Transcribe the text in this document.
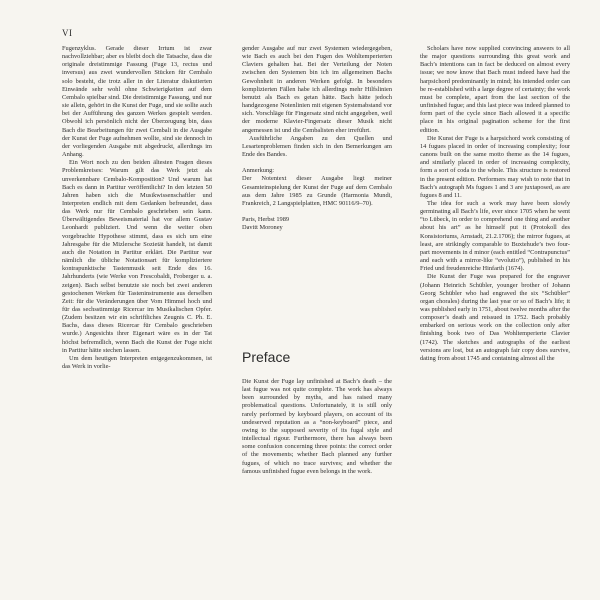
VI

Fugenzyklus. Gerade dieser Irrtum ist zwar nachvollziehbar; aber es bleibt doch die Tatsache, dass die originale dreistimmige Fassung (Fuge 13, rectus und inversus) aus zwei wundervollen Stücken für Cembalo solo besteht, die trotz aller in der Literatur diskutierten Einwände sehr wohl ohne Schwierigkeiten auf dem Cembalo spielbar sind. Die dreistimmige Fassung, und nur sie allein, gehört in die Kunst der Fuge, und sie sollte auch bei der Aufführung des ganzen Werkes gespielt werden. Obwohl ich persönlich nicht der Überzeugung bin, dass Bach die Bearbeitungen für zwei Cembali in die Ausgabe der Kunst der Fuge aufnehmen wollte, sind sie dennoch in der vorliegenden Ausgabe mit abgedruckt, allerdings im Anhang.

Ein Wort noch zu den beiden ältesten Fragen dieses Problemkreises: Warum gilt das Werk jetzt als unverkennbare Cembalo-Komposition? Und warum hat Bach es dann in Partitur veröffentlicht? In den letzten 50 Jahren haben sich die Musikwissenschaftler und Interpreten endlich mit dem Gedanken befreundet, dass das Werk nur für Cembalo geschrieben sein kann. Überwältigendes Beweismaterial hat vor allem Gustav Leonhardt publiziert. Und wenn die weiter oben vorgebrachte Hypothese stimmt, dass es sich um eine Jahresgabe für die Mizlersche Sozietät handelt, ist damit auch die Notation in Partitur erklärt. Die Partitur war nämlich die übliche Notationsart für kompliziertere kontrapunktische Tastenmusik seit Ende des 16. Jahrhunderts (wie Werke von Frescobaldi, Froberger u. a. zeigen). Bach selbst benutzte sie noch bei zwei anderen gestochenen Werken für Tasteninstrumente aus derselben Zeit: für die Veränderungen über Vom Himmel hoch und für das sechsstimmige Ricercar im Musikalischen Opfer. (Zudem besitzen wir ein schriftliches Zeugnis C. Ph. E. Bachs, dass dieses Ricercar für Cembalo geschrieben wurde.) Angesichts ihrer Eigenart wäre es in der Tat höchst befremdlich, wenn Bach die Kunst der Fuge nicht in Partitur hätte stechen lassen.

Um dem heutigen Interpreten entgegenzukommen, ist das Werk in vorlie-

gender Ausgabe auf nur zwei Systemen wiedergegeben, wie Bach es auch bei den Fugen des Wohltemperierten Claviers gehalten hat. Bei der Verteilung der Noten zwischen den Systemen bin ich im allgemeinen Bachs Gewohnheit in anderen Werken gefolgt. In besonders komplizierten Fällen habe ich allerdings mehr Hilfslinien benutzt als Bach es getan hätte. Bach hätte jedoch handgezogene Notenlinien mit eigenen Systemabstand vor sich. Vorschläge für Fingersatz sind nicht angegeben, weil der moderne Klavier-Fingersatz dieser Musik nicht angemessen ist und die Cembalisten eher irreführt.

Ausführliche Angaben zu den Quellen und Lesartenproblemen finden sich in den Bemerkungen am Ende des Bandes.

Anmerkung:

Der Notentext dieser Ausgabe liegt meiner Gesamteinspielung der Kunst der Fuge auf dem Cembalo aus dem Jahre 1985 zu Grunde (Harmonia Mundi, Frankreich, 2 Langspielplatten, HMC 90116/9–70).

Paris, Herbst 1989

Davitt Moroney

Preface

Die Kunst der Fuge lay unfinished at Bach’s death – the last fugue was not quite complete. The work has always been surrounded by myths, and has raised many problematical questions. Unfortunately, it is still only rarely performed by keyboard players, on account of its undeserved reputation as a “non-keyboard” piece, and owing to the supposed severity of its fugal style and intellectual rigour. Furthermore, there has always been some confusion concerning three points: the correct order of the movements; whether Bach planned any further fugues, of which no trace survives; and whether the famous unfinished fugue even belongs in the work.

Scholars have now supplied convincing answers to all the major questions surrounding this great work and Bach’s intentions can in fact be deduced on almost every issue; we now know that Bach must indeed have had the harpsichord predominantly in mind; his intended order can be re-established with a large degree of certainty; the work must be complete, apart from the last section of the unfinished fugue; and this last piece was indeed planned to form part of the cycle since Bach allowed it a specific place in his original pagination scheme for the first edition.

Die Kunst der Fuge is a harpsichord work consisting of 14 fugues placed in order of increasing complexity; four canons built on the same motto theme as the 14 fugues, and similarly placed in order of increasing complexity, form a sort of coda to the whole. This structure is restored in the present edition. Performers may wish to note that in Bach’s autograph Ms fugues 1 and 3 are juxtaposed, as are fugues 8 and 11.

The idea for such a work may have been slowly germinating all Bach’s life, ever since 1705 when he went “to Lübeck, in order to comprehend one thing and another about his art” as he himself put it (Protokoll des Konsistoriums, Arnstadt, 21.2.1706); the mirror fugues, at least, are strikingly comparable to Buxtehude’s two four-part movements in d minor (each entitled “Contrapunctus” and each with a mirror-like “evolutio”), published in his Fried und freudenreiche Hinfarth (1674).

Die Kunst der Fuge was prepared for the engraver (Johann Heinrich Schübler, younger brother of Johann Georg Schübler who had engraved the six “Schübler” organ chorales) during the last year or so of Bach’s life; it was published early in 1751, about twelve months after the composer’s death and reissued in 1752. Bach probably embarked on serious work on the collection only after finishing book two of Das Wohltemperierte Clavier (1742). The sketches and autographs of the earliest versions are lost, but an autograph fair copy does survive, dating from about 1745 and containing almost all the
